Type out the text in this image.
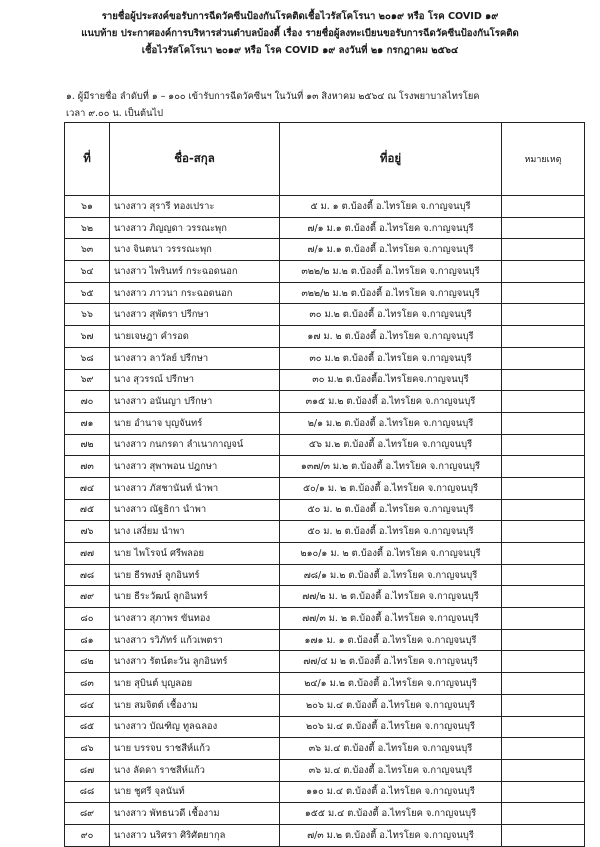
รายชื่อผู้ประสงค์ขอรับการฉีดวัคซีนป้องกันโรคติดเชื้อไวรัสโคโรนา ๒๐๑๙ หรือ โรค COVID ๑๙
แนบท้าย ประกาศองค์การบริหารส่วนตำบลบ้องตี้ เรื่อง รายชื่อผู้ลงทะเบียนขอรับการฉีดวัคซีนป้องกันโรคติด
เชื้อไวรัสโคโรนา ๒๐๑๙ หรือ โรค COVID ๑๙ ลงวันที่ ๒๑ กรกฎาคม ๒๕๖๔
๑. ผู้มีรายชื่อ ลำดับที่ ๑ – ๑๐๐ เข้ารับการฉีดวัคซีนฯ ในวันที่ ๑๓ สิงหาคม ๒๕๖๔ ณ โรงพยาบาลไทรโยค
เวลา ๙.๐๐ น. เป็นต้นไป
ที่	ชื่อ-สกุล	ที่อยู่	หมายเหตุ
๖๑	นางสาว สุรารี ทองเปราะ	๕ ม. ๑ ต.บ้องตี้ อ.ไทรโยค จ.กาญจนบุรี	
๖๒	นางสาว ภิญญดา วรรณะพุก	๗/๑ ม.๑ ต.บ้องตี้ อ.ไทรโยค จ.กาญจนบุรี	
๖๓	นาง จินตนา วรรรณะพุก	๗/๑ ม.๑ ต.บ้องตี้ อ.ไทรโยค จ.กาญจนบุรี	
๖๔	นางสาว ไพรินทร์ กระฉอดนอก	๓๒๒/๒ ม.๒ ต.บ้องตี้ อ.ไทรโยค จ.กาญจนบุรี	
๖๕	นางสาว ภาวนา กระฉอดนอก	๓๒๒/๒ ม.๒ ต.บ้องตี้ อ.ไทรโยค จ.กาญจนบุรี	
๖๖	นางสาว สุพัตรา ปรีกษา	๓๐ ม.๒ ต.บ้องตี้ อ.ไทรโยค จ.กาญจนบุรี	
๖๗	นายเจษฎา คำรอด	๑๗ ม. ๒ ต.บ้องตี้ อ.ไทรโยค จ.กาญจนบุรี	
๖๘	นางสาว ลาวัลย์ ปรีกษา	๓๐ ม.๒ ต.บ้องตี้ อ.ไทรโยค จ.กาญจนบุรี	
๖๙	นาง สุวรรณ์ ปรีกษา	๓๐ ม.๒ ต.บ้องตี้อ.ไทรโยคจ.กาญจนบุรี	
๗๐	นางสาว อนันญา ปรีกษา	๓๑๕ ม.๒ ต.บ้องตี้ อ.ไทรโยค จ.กาญจนบุรี	
๗๑	นาย อำนาจ บุญจันทร์	๒/๑ ม.๒ ต.บ้องตี้ อ.ไทรโยค จ.กาญจนบุรี	
๗๒	นางสาว กนกรดา ลำเนากาญจน์	๕๖ ม.๒ ต.บ้องตี้ อ.ไทรโยค จ.กาญจนบุรี	
๗๓	นางสาว สุพาพอน ปฎกษา	๑๓๗/๓ ม.๒ ต.บ้องตี้ อ.ไทรโยค จ.กาญจนบุรี	
๗๔	นางสาว ภัสชานันท์ นำพา	๕๐/๑ ม. ๒ ต.บ้องตี้ อ.ไทรโยค จ.กาญจนบุรี	
๗๕	นางสาว ณัฐธิกา นำพา	๕๐ ม. ๒ ต.บ้องตี้ อ.ไทรโยค จ.กาญจนบุรี	
๗๖	นาง เสงี่ยม นำพา	๕๐ ม. ๒ ต.บ้องตี้ อ.ไทรโยค จ.กาญจนบุรี	
๗๗	นาย ไพโรจน์ ศรีพลอย	๒๑๐/๑ ม. ๒ ต.บ้องตี้ อ.ไทรโยค จ.กาญจนบุรี	
๗๘	นาย ธีรพงษ์ ลูกอินทร์	๗๘/๑ ม.๒ ต.บ้องตี้ อ.ไทรโยค จ.กาญจนบุรี	
๗๙	นาย ธีระวัฒน์ ลูกอินทร์	๗๗/๒ ม. ๒ ต.บ้องตี้ อ.ไทรโยค จ.กาญจนบุรี	
๘๐	นางสาว สุภาพร ขันทอง	๗๗/๓ ม. ๒ ต.บ้องตี้ อ.ไทรโยค จ.กาญจนบุรี	
๘๑	นางสาว รวิภัทร์ แก้วเพตรา	๑๗๑ ม. ๑ ต.บ้องตี้ อ.ไทรโยค จ.กาญจนบุรี	
๘๒	นางสาว รัตน์ตะวัน ลูกอินทร์	๗๗/๔ ม ๒ ต.บ้องตี้ อ.ไทรโยค จ.กาญจนบุรี	
๘๓	นาย สุบินต์ บุญลอย	๒๔/๑ ม.๒ ต.บ้องตี้ อ.ไทรโยค จ.กาญจนบุรี	
๘๔	นาย สมจิตต์ เชื้องาม	๒๐๖ ม.๔ ต.บ้องตี้ อ.ไทรโยค จ.กาญจนบุรี	
๘๕	นางสาว บัณฑิญ ทูลฉลอง	๒๐๖ ม.๔ ต.บ้องตี้ อ.ไทรโยค จ.กาญจนบุรี	
๘๖	นาย บรรจบ ราชสีห์แก้ว	๓๖ ม.๔ ต.บ้องตี้ อ.ไทรโยค จ.กาญจนบุรี	
๘๗	นาง ลัดดา ราชสีห์แก้ว	๓๖ ม.๔ ต.บ้องตี้ อ.ไทรโยค จ.กาญจนบุรี	
๘๘	นาย ชูศรี จุลนันท์	๑๑๐ ม.๔ ต.บ้องตี้ อ.ไทรโยค จ.กาญจนบุรี	
๘๙	นางสาว พัทธนวดี เชื้องาม	๑๕๕ ม.๔ ต.บ้องตี้ อ.ไทรโยค จ.กาญจนบุรี	
๙๐	นางสาว นริศรา ศิริศัตยากุล	๗/๓ ม.๒ ต.บ้องตี้ อ.ไทรโยค จ.กาญจนบุรี	
